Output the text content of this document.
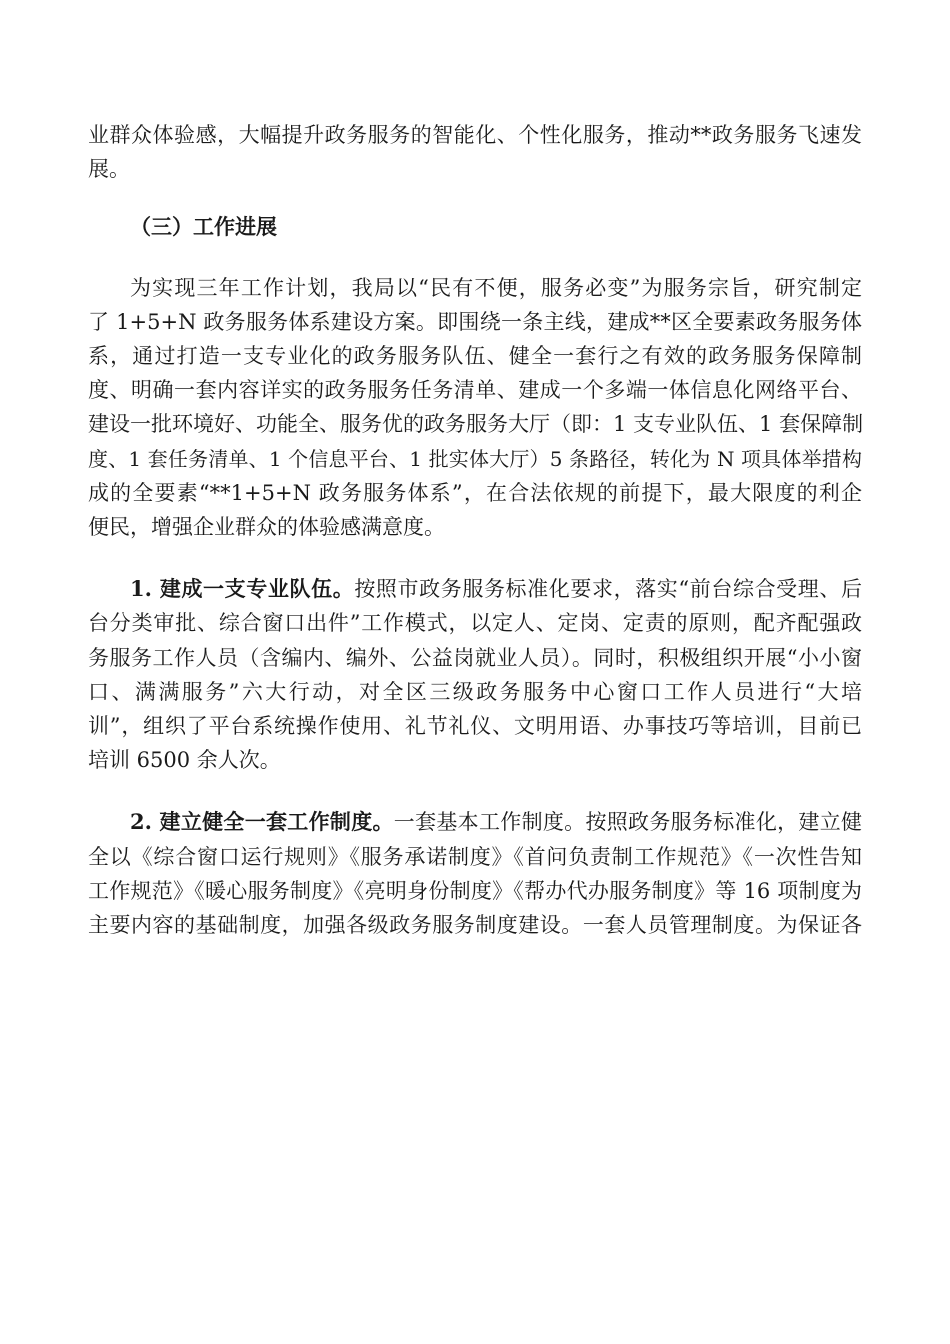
业群众体验感，大幅提升政务服务的智能化、个性化服务，推动**政务服务飞速发
展。
（三）工作进展
为实现三年工作计划，我局以“民有不便，服务必变”为服务宗旨，研究制定
了 1+5+N 政务服务体系建设方案。即围绕一条主线，建成**区全要素政务服务体
系，通过打造一支专业化的政务服务队伍、健全一套行之有效的政务服务保障制
度、明确一套内容详实的政务服务任务清单、建成一个多端一体信息化网络平台、
建设一批环境好、功能全、服务优的政务服务大厅（即：1 支专业队伍、1 套保障制
度、1 套任务清单、1 个信息平台、1 批实体大厅）5 条路径，转化为 N 项具体举措构
成的全要素“**1+5+N 政务服务体系”，在合法依规的前提下，最大限度的利企
便民，增强企业群众的体验感满意度。
1. 建成一支专业队伍。按照市政务服务标准化要求，落实“前台综合受理、后
台分类审批、综合窗口出件”工作模式，以定人、定岗、定责的原则，配齐配强政
务服务工作人员（含编内、编外、公益岗就业人员）。同时，积极组织开展“小小窗
口、满满服务”六大行动，对全区三级政务服务中心窗口工作人员进行“大培
训”，组织了平台系统操作使用、礼节礼仪、文明用语、办事技巧等培训，目前已
培训 6500 余人次。
2. 建立健全一套工作制度。一套基本工作制度。按照政务服务标准化，建立健
全以《综合窗口运行规则》《服务承诺制度》《首问负责制工作规范》《一次性告知
工作规范》《暖心服务制度》《亮明身份制度》《帮办代办服务制度》等 16 项制度为
主要内容的基础制度，加强各级政务服务制度建设。一套人员管理制度。为保证各
